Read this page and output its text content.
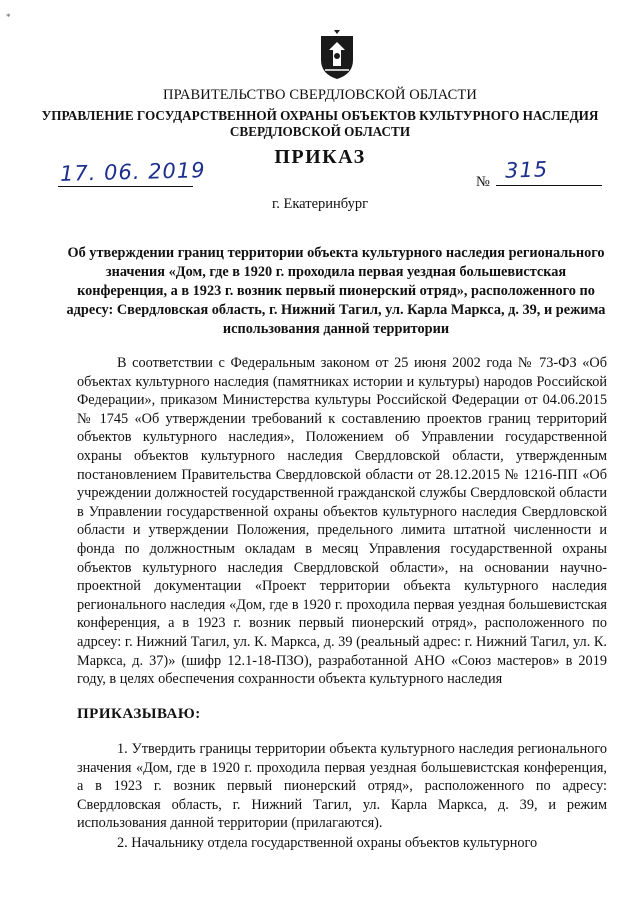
*
ПРАВИТЕЛЬСТВО СВЕРДЛОВСКОЙ ОБЛАСТИ
УПРАВЛЕНИЕ ГОСУДАРСТВЕННОЙ ОХРАНЫ ОБЪЕКТОВ КУЛЬТУРНОГО НАСЛЕДИЯ
СВЕРДЛОВСКОЙ ОБЛАСТИ
ПРИКАЗ
17. 06. 2019	№ 315
г. Екатеринбург

Об утверждении границ территории объекта культурного наследия регионального значения «Дом, где в 1920 г. проходила первая уездная большевистская конференция, а в 1923 г. возник первый пионерский отряд», расположенного по адресу: Свердловская область, г. Нижний Тагил, ул. Карла Маркса, д. 39, и режима использования данной территории

В соответствии с Федеральным законом от 25 июня 2002 года № 73-ФЗ «Об объектах культурного наследия (памятниках истории и культуры) народов Российской Федерации», приказом Министерства культуры Российской Федерации от 04.06.2015 № 1745 «Об утверждении требований к составлению проектов границ территорий объектов культурного наследия», Положением об Управлении государственной охраны объектов культурного наследия Свердловской области, утвержденным постановлением Правительства Свердловской области от 28.12.2015 № 1216-ПП «Об учреждении должностей государственной гражданской службы Свердловской области в Управлении государственной охраны объектов культурного наследия Свердловской области и утверждении Положения, предельного лимита штатной численности и фонда по должностным окладам в месяц Управления государственной охраны объектов культурного наследия Свердловской области», на основании научно-проектной документации «Проект территории объекта культурного наследия регионального наследия «Дом, где в 1920 г. проходила первая уездная большевистская конференция, а в 1923 г. возник первый пионерский отряд», расположенного по адрсеу: г. Нижний Тагил, ул. К. Маркса, д. 39 (реальный адрес: г. Нижний Тагил, ул. К. Маркса, д. 37)» (шифр 12.1-18-ПЗО), разработанной АНО «Союз мастеров» в 2019 году, в целях обеспечения сохранности объекта культурного наследия

ПРИКАЗЫВАЮ:

1. Утвердить границы территории объекта культурного наследия регионального значения «Дом, где в 1920 г. проходила первая уездная большевистская конференция, а в 1923 г. возник первый пионерский отряд», расположенного по адресу: Свердловская область, г. Нижний Тагил, ул. Карла Маркса, д. 39, и режим использования данной территории (прилагаются).

2. Начальнику отдела государственной охраны объектов культурного
